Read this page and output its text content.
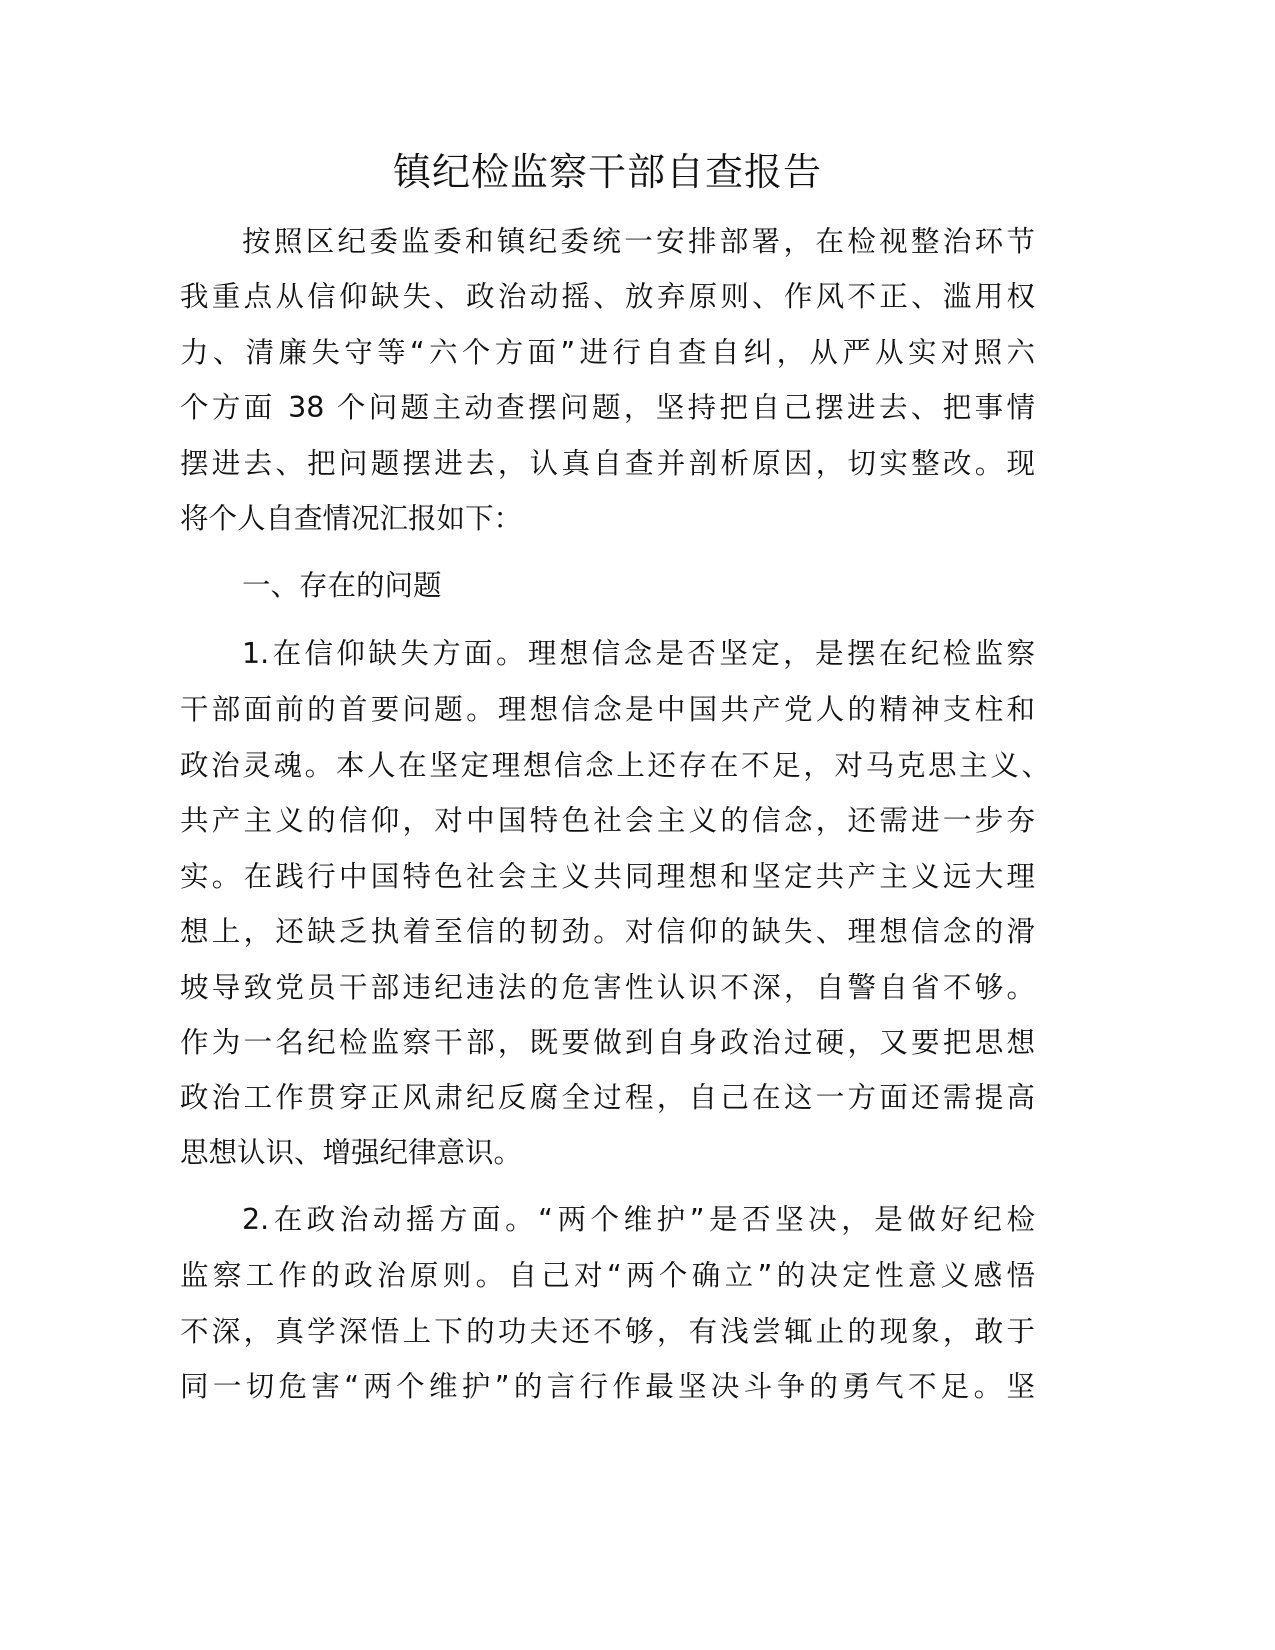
镇纪检监察干部自查报告
按照区纪委监委和镇纪委统一安排部署，在检视整治环节
我重点从信仰缺失、政治动摇、放弃原则、作风不正、滥用权
力、清廉失守等“六个方面”进行自查自纠，从严从实对照六
个方面 38 个问题主动查摆问题，坚持把自己摆进去、把事情
摆进去、把问题摆进去，认真自查并剖析原因，切实整改。现
将个人自查情况汇报如下：
一、存在的问题
1.在信仰缺失方面。理想信念是否坚定，是摆在纪检监察
干部面前的首要问题。理想信念是中国共产党人的精神支柱和
政治灵魂。本人在坚定理想信念上还存在不足，对马克思主义、
共产主义的信仰，对中国特色社会主义的信念，还需进一步夯
实。在践行中国特色社会主义共同理想和坚定共产主义远大理
想上，还缺乏执着至信的韧劲。对信仰的缺失、理想信念的滑
坡导致党员干部违纪违法的危害性认识不深，自警自省不够。
作为一名纪检监察干部，既要做到自身政治过硬，又要把思想
政治工作贯穿正风肃纪反腐全过程，自己在这一方面还需提高
思想认识、增强纪律意识。
2.在政治动摇方面。“两个维护”是否坚决，是做好纪检
监察工作的政治原则。自己对“两个确立”的决定性意义感悟
不深，真学深悟上下的功夫还不够，有浅尝辄止的现象，敢于
同一切危害“两个维护”的言行作最坚决斗争的勇气不足。坚
